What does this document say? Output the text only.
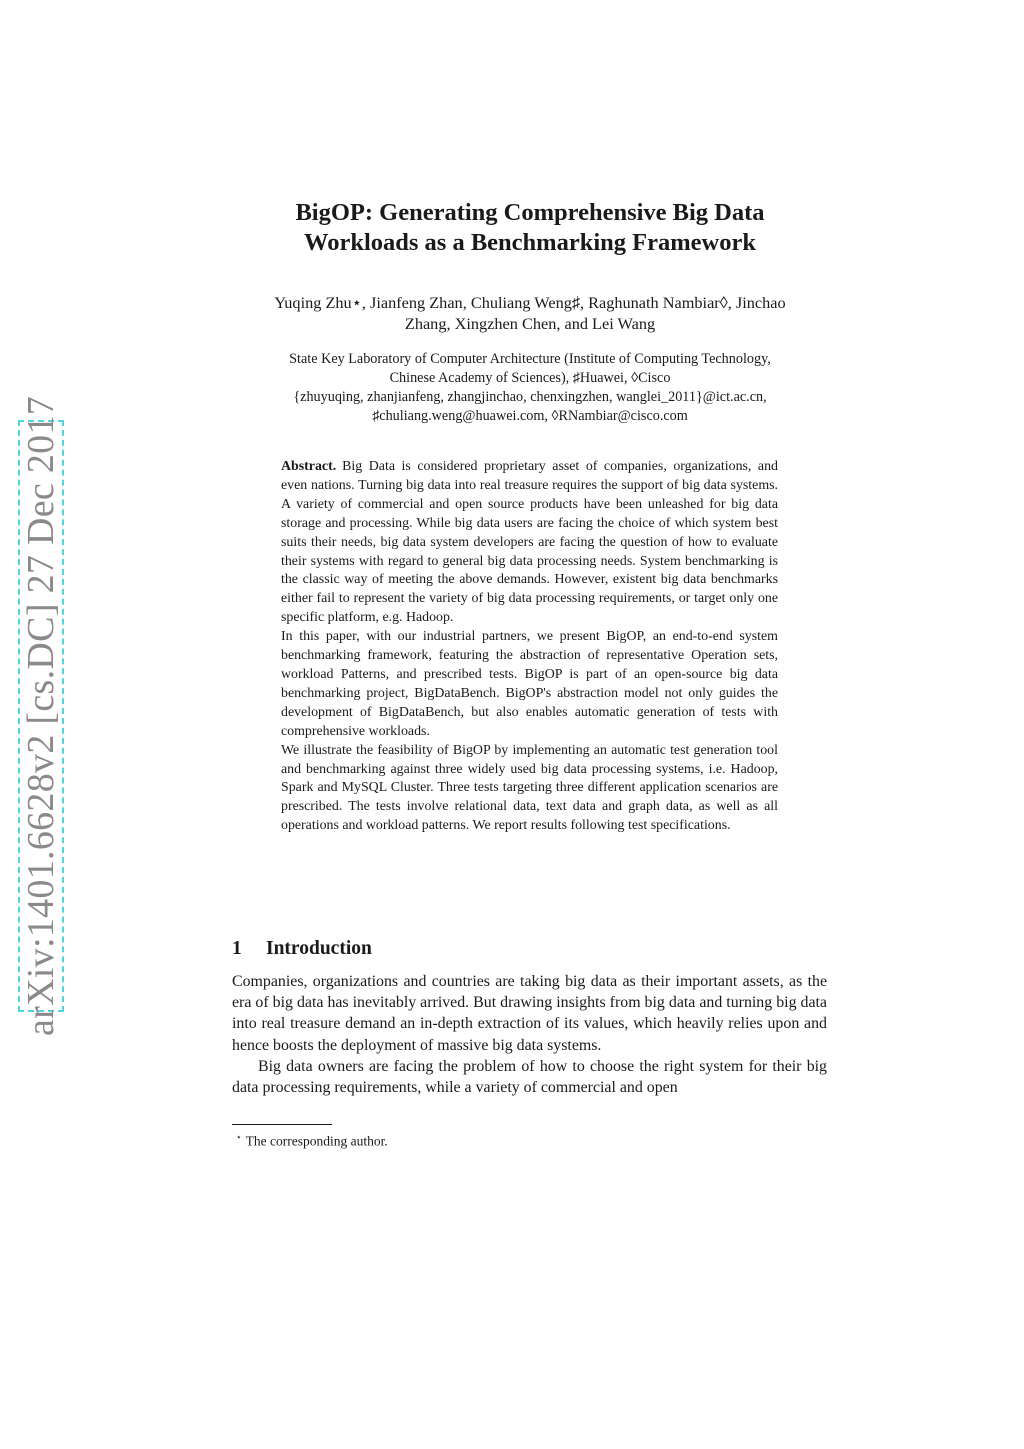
arXiv:1401.6628v2 [cs.DC] 27 Dec 2017
BigOP: Generating Comprehensive Big Data
Workloads as a Benchmarking Framework
Yuqing Zhu⋆, Jianfeng Zhan, Chuliang Weng♯, Raghunath Nambiar◊, Jinchao
Zhang, Xingzhen Chen, and Lei Wang
State Key Laboratory of Computer Architecture (Institute of Computing Technology,
Chinese Academy of Sciences), ♯Huawei, ◊Cisco
{zhuyuqing, zhanjianfeng, zhangjinchao, chenxingzhen, wanglei_2011}@ict.ac.cn,
♯chuliang.weng@huawei.com, ◊RNambiar@cisco.com

Abstract. Big Data is considered proprietary asset of companies, organizations, and even nations. Turning big data into real treasure requires the support of big data systems. A variety of commercial and open source products have been unleashed for big data storage and processing. While big data users are facing the choice of which system best suits their needs, big data system developers are facing the question of how to evaluate their systems with regard to general big data processing needs. System benchmarking is the classic way of meeting the above demands. However, existent big data benchmarks either fail to represent the variety of big data processing requirements, or target only one specific platform, e.g. Hadoop.

In this paper, with our industrial partners, we present BigOP, an end-to-end system benchmarking framework, featuring the abstraction of representative Operation sets, workload Patterns, and prescribed tests. BigOP is part of an open-source big data benchmarking project, BigDataBench. BigOP's abstraction model not only guides the development of BigDataBench, but also enables automatic generation of tests with comprehensive workloads.

We illustrate the feasibility of BigOP by implementing an automatic test generation tool and benchmarking against three widely used big data processing systems, i.e. Hadoop, Spark and MySQL Cluster. Three tests targeting three different application scenarios are prescribed. The tests involve relational data, text data and graph data, as well as all operations and workload patterns. We report results following test specifications.

1 Introduction

Companies, organizations and countries are taking big data as their important assets, as the era of big data has inevitably arrived. But drawing insights from big data and turning big data into real treasure demand an in-depth extraction of its values, which heavily relies upon and hence boosts the deployment of massive big data systems.

Big data owners are facing the problem of how to choose the right system for their big data processing requirements, while a variety of commercial and open

⋆ The corresponding author.
